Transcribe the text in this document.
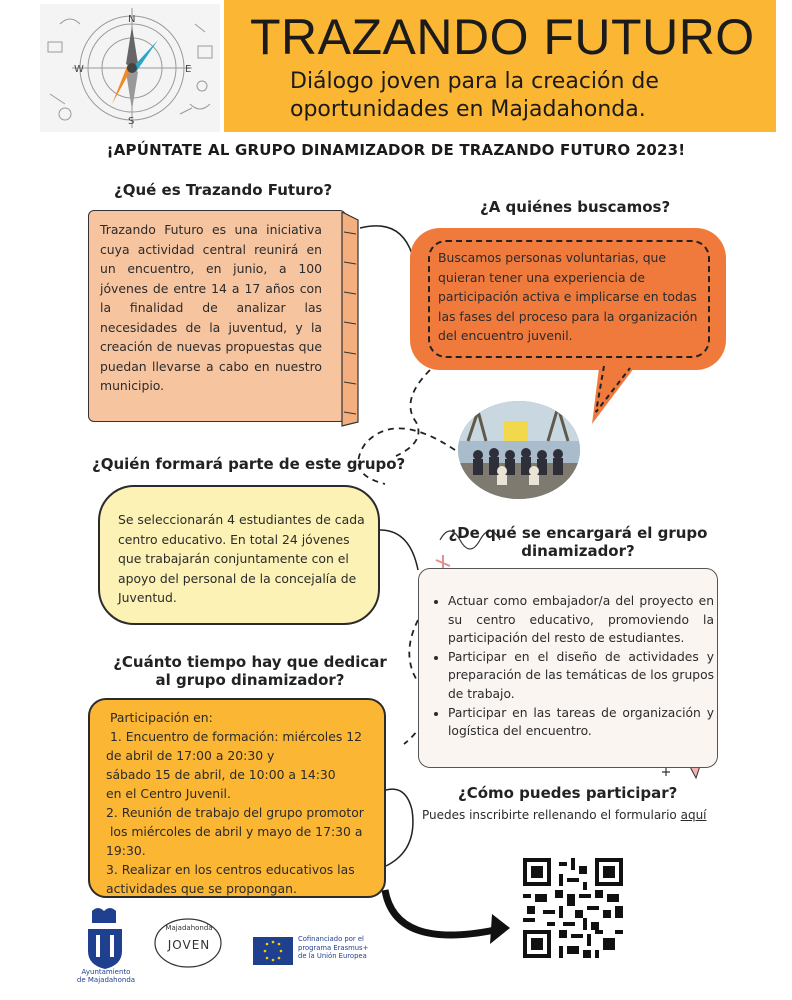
N
E
S
W
TRAZANDO FUTURO
Diálogo joven para la creación de
oportunidades en Majadahonda.
¡APÚNTATE AL GRUPO DINAMIZADOR DE TRAZANDO FUTURO 2023!
¿Qué es Trazando Futuro?
Trazando Futuro es una iniciativa cuya actividad central reunirá en un encuentro, en junio, a 100 jóvenes de entre 14 a 17 años con la finalidad de analizar las necesidades de la juventud, y la creación de nuevas propuestas que puedan llevarse a cabo en nuestro municipio.
¿A quiénes buscamos?
Buscamos personas voluntarias, que quieran tener una experiencia de participación activa e implicarse en todas las fases del proceso para la organización del encuentro juvenil.
¿Quién formará parte de este grupo?
Se seleccionarán 4 estudiantes de cada centro educativo. En total 24 jóvenes que trabajarán conjuntamente con el apoyo del personal de la concejalía de Juventud.
¿De qué se encargará el grupo
dinamizador?
• Actuar como embajador/a del proyecto en su centro educativo, promoviendo la participación del resto de estudiantes.
• Participar en el diseño de actividades y preparación de las temáticas de los grupos de trabajo.
• Participar en las tareas de organización y logística del encuentro.
¿Cuánto tiempo hay que dedicar
al grupo dinamizador?
Participación en:
1. Encuentro de formación: miércoles 12
de abril de 17:00 a 20:30 y
sábado 15 de abril, de 10:00 a 14:30
en el Centro Juvenil.
2. Reunión de trabajo del grupo promotor
los miércoles de abril y mayo de 17:30 a
19:30.
3. Realizar en los centros educativos las
actividades que se propongan.
¿Cómo puedes participar?
Puedes inscribirte rellenando el formulario aquí
Ayuntamiento
de Majadahonda
Majadahonda
JOVEN	Cofinanciado por el
programa Erasmus+
de la Unión Europea
